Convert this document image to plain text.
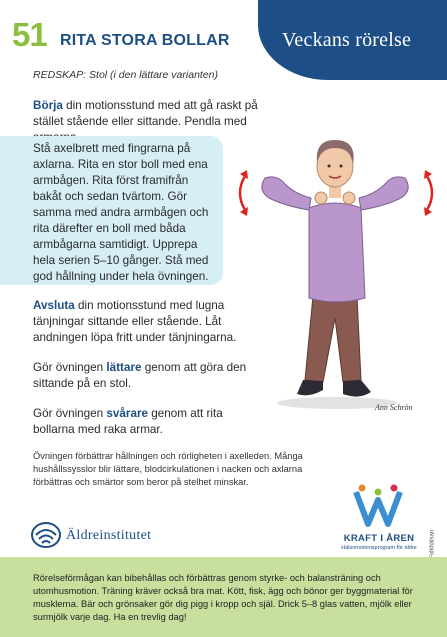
51 RITA STORA BOLLAR	Veckans rörelse
REDSKAP: Stol (i den lättare varianten)

Börja din motionsstund med att gå raskt på stället stående eller sittande. Pendla med

Stå axelbrett med fingrarna på axlarna. Rita en stor boll med ena armbågen. Rita först framifrån bakåt och sedan tvärtom. Gör samma med andra armbågen och rita därefter en boll med båda armbågarna samtidigt. Upprepa hela serien 5–10 gånger. Stå med god hållning under hela övningen.

Avsluta din motionsstund med lugna tänjningar sittande eller stående. Låt andningen löpa fritt under tänjningarna.

Gör övningen lättare genom att göra den sittande på en stol.

Gör övningen svårare genom att rita bollarna med raka armar.

Övningen förbättrar hållningen och rörligheten i axelleden. Många hushållssysslor blir lättare, blodcirkulationen i nacken och axlarna förbättras och smärtor som beror på stelhet minskar.

Ann Schrön
Äldreinstitutet	KRAFT I ÅREN
Hälsomotionsprogram för äldre

Rörelseförmågan kan bibehållas och förbättras genom styrke- och balansträning och utomhusmotion. Träning kräver också bra mat. Kött, fisk, ägg och bönor ger byggmaterial för musklerna. Bär och grönsaker gör dig pigg i kropp och själ. Drick 5–8 glas vatten, mjölk eller surmjölk varje dag. Ha en trevlig dag!
